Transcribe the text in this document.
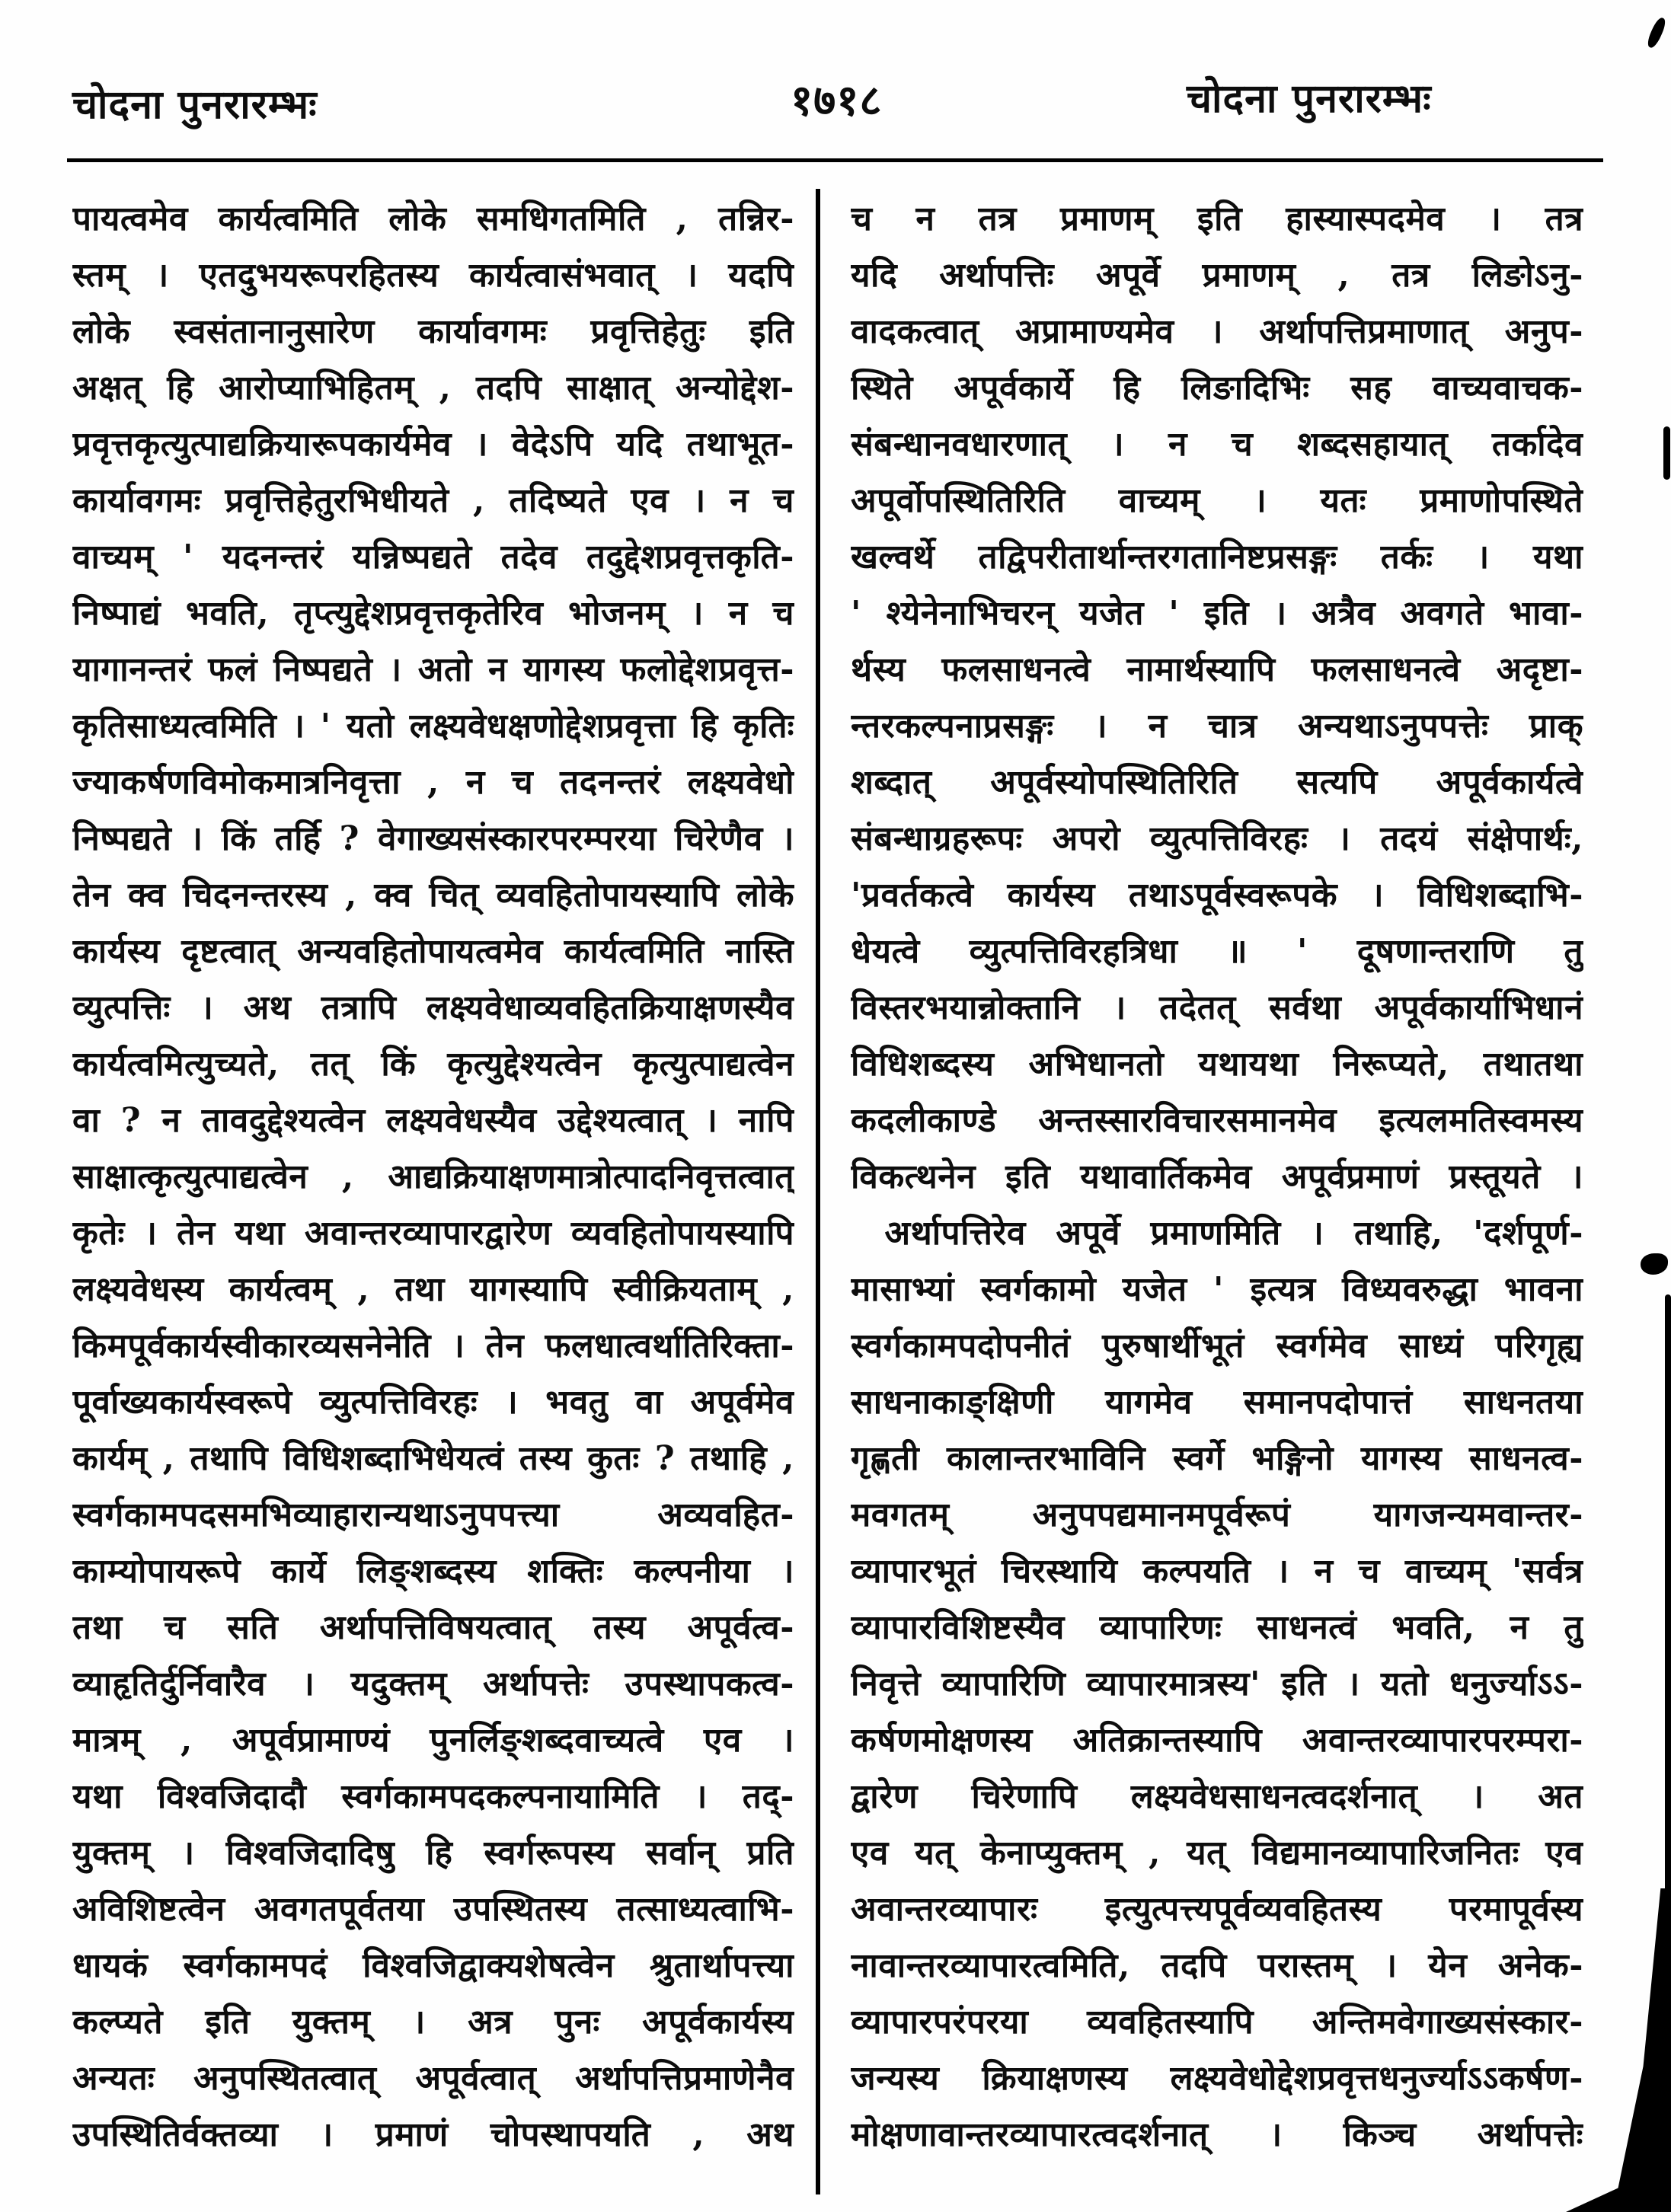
चोदना पुनरारम्भः	१७१८	चोदना पुनरारम्भः
पायत्वमेव कार्यत्वमिति लोके समधिगतमिति , तन्निर-
स्तम् । एतदुभयरूपरहितस्य कार्यत्वासंभवात् । यदपि
लोके स्वसंतानानुसारेण कार्यावगमः प्रवृत्तिहेतुः इति
अक्षत् हि आरोप्याभिहितम् , तदपि साक्षात् अन्योद्देश-
प्रवृत्तकृत्युत्पाद्यक्रियारूपकार्यमेव । वेदेऽपि यदि तथाभूत-
कार्यावगमः प्रवृत्तिहेतुरभिधीयते , तदिष्यते एव । न च
वाच्यम् ' यदनन्तरं यन्निष्पद्यते तदेव तदुद्देशप्रवृत्तकृति-
निष्पाद्यं भवति, तृप्त्युद्देशप्रवृत्तकृतेरिव भोजनम् । न च
यागानन्तरं फलं निष्पद्यते । अतो न यागस्य फलोद्देशप्रवृत्त-
कृतिसाध्यत्वमिति । ' यतो लक्ष्यवेधक्षणोद्देशप्रवृत्ता हि कृतिः
ज्याकर्षणविमोकमात्रनिवृत्ता , न च तदनन्तरं लक्ष्यवेधो
निष्पद्यते । किं तर्हि ? वेगाख्यसंस्कारपरम्परया चिरेणैव ।
तेन क्व चिदनन्तरस्य , क्व चित् व्यवहितोपायस्यापि लोके
कार्यस्य दृष्टत्वात् अन्यवहितोपायत्वमेव कार्यत्वमिति नास्ति
व्युत्पत्तिः । अथ तत्रापि लक्ष्यवेधाव्यवहितक्रियाक्षणस्यैव
कार्यत्वमित्युच्यते, तत् किं कृत्युद्देश्यत्वेन कृत्युत्पाद्यत्वेन
वा ? न तावदुद्देश्यत्वेन लक्ष्यवेधस्यैव उद्देश्यत्वात् । नापि
साक्षात्कृत्युत्पाद्यत्वेन , आद्यक्रियाक्षणमात्रोत्पादनिवृत्तत्वात्
कृतेः । तेन यथा अवान्तरव्यापारद्वारेण व्यवहितोपायस्यापि
लक्ष्यवेधस्य कार्यत्वम् , तथा यागस्यापि स्वीक्रियताम् ,
किमपूर्वकार्यस्वीकारव्यसनेनेति । तेन फलधात्वर्थातिरिक्ता-
पूर्वाख्यकार्यस्वरूपे व्युत्पत्तिविरहः । भवतु वा अपूर्वमेव
कार्यम् , तथापि विधिशब्दाभिधेयत्वं तस्य कुतः ? तथाहि ,
स्वर्गकामपदसमभिव्याहारान्यथाऽनुपपत्त्या अव्यवहित-
काम्योपायरूपे कार्ये लिङ्शब्दस्य शक्तिः कल्पनीया ।
तथा च सति अर्थापत्तिविषयत्वात् तस्य अपूर्वत्व-
व्याहृतिर्दुर्निवारैव । यदुक्तम् अर्थापत्तेः उपस्थापकत्व-
मात्रम् , अपूर्वप्रामाण्यं पुनर्लिङ्शब्दवाच्यत्वे एव ।
यथा विश्वजिदादौ स्वर्गकामपदकल्पनायामिति । तद्-
युक्तम् । विश्वजिदादिषु हि स्वर्गरूपस्य सर्वान् प्रति
अविशिष्टत्वेन अवगतपूर्वतया उपस्थितस्य तत्साध्यत्वाभि-
धायकं स्वर्गकामपदं विश्वजिद्वाक्यशेषत्वेन श्रुतार्थापत्त्या
कल्प्यते इति युक्तम् । अत्र पुनः अपूर्वकार्यस्य
अन्यतः अनुपस्थितत्वात् अपूर्वत्वात् अर्थापत्तिप्रमाणेनैव
उपस्थितिर्वक्तव्या । प्रमाणं चोपस्थापयति , अथ
च न तत्र प्रमाणम् इति हास्यास्पदमेव । तत्र
यदि अर्थापत्तिः अपूर्वे प्रमाणम् , तत्र लिङोऽनु-
वादकत्वात् अप्रामाण्यमेव । अर्थापत्तिप्रमाणात् अनुप-
स्थिते अपूर्वकार्ये हि लिङादिभिः सह वाच्यवाचक-
संबन्धानवधारणात् । न च शब्दसहायात् तर्कादेव
अपूर्वोपस्थितिरिति वाच्यम् । यतः प्रमाणोपस्थिते
खल्वर्थे तद्विपरीतार्थान्तरगतानिष्टप्रसङ्गः तर्कः । यथा
' श्येनेनाभिचरन् यजेत ' इति । अत्रैव अवगते भावा-
र्थस्य फलसाधनत्वे नामार्थस्यापि फलसाधनत्वे अदृष्टा-
न्तरकल्पनाप्रसङ्गः । न चात्र अन्यथाऽनुपपत्तेः प्राक्
शब्दात् अपूर्वस्योपस्थितिरिति सत्यपि अपूर्वकार्यत्वे
संबन्धाग्रहरूपः अपरो व्युत्पत्तिविरहः । तदयं संक्षेपार्थः,
'प्रवर्तकत्वे कार्यस्य तथाऽपूर्वस्वरूपके । विधिशब्दाभि-
धेयत्वे व्युत्पत्तिविरहत्रिधा ॥ ' दूषणान्तराणि तु
विस्तरभयान्नोक्तानि । तदेतत् सर्वथा अपूर्वकार्याभिधानं
विधिशब्दस्य अभिधानतो यथायथा निरूप्यते, तथातथा
कदलीकाण्डे अन्तस्सारविचारसमानमेव इत्यलमतिस्वमस्य
विकत्थनेन इति यथावार्तिकमेव अपूर्वप्रमाणं प्रस्तूयते ।
 अर्थापत्तिरेव अपूर्वे प्रमाणमिति । तथाहि, 'दर्शपूर्ण-
मासाभ्यां स्वर्गकामो यजेत ' इत्यत्र विध्यवरुद्धा भावना
स्वर्गकामपदोपनीतं पुरुषार्थीभूतं स्वर्गमेव साध्यं परिगृह्य
साधनाकाङ्क्षिणी यागमेव समानपदोपात्तं साधनतया
गृह्णती कालान्तरभाविनि स्वर्गे भङ्गिनो यागस्य साधनत्व-
मवगतम् अनुपपद्यमानमपूर्वरूपं यागजन्यमवान्तर-
व्यापारभूतं चिरस्थायि कल्पयति । न च वाच्यम् 'सर्वत्र
व्यापारविशिष्टस्यैव व्यापारिणः साधनत्वं भवति, न तु
निवृत्ते व्यापारिणि व्यापारमात्रस्य' इति । यतो धनुर्ज्याऽऽ-
कर्षणमोक्षणस्य अतिक्रान्तस्यापि अवान्तरव्यापारपरम्परा-
द्वारेण चिरेणापि लक्ष्यवेधसाधनत्वदर्शनात् । अत
एव यत् केनाप्युक्तम् , यत् विद्यमानव्यापारिजनितः एव
अवान्तरव्यापारः इत्युत्पत्त्यपूर्वव्यवहितस्य परमापूर्वस्य
नावान्तरव्यापारत्वमिति, तदपि परास्तम् । येन अनेक-
व्यापारपरंपरया व्यवहितस्यापि अन्तिमवेगाख्यसंस्कार-
जन्यस्य क्रियाक्षणस्य लक्ष्यवेधोद्देशप्रवृत्तधनुर्ज्याऽऽकर्षण-
मोक्षणावान्तरव्यापारत्वदर्शनात् । किञ्च अर्थापत्तेः
